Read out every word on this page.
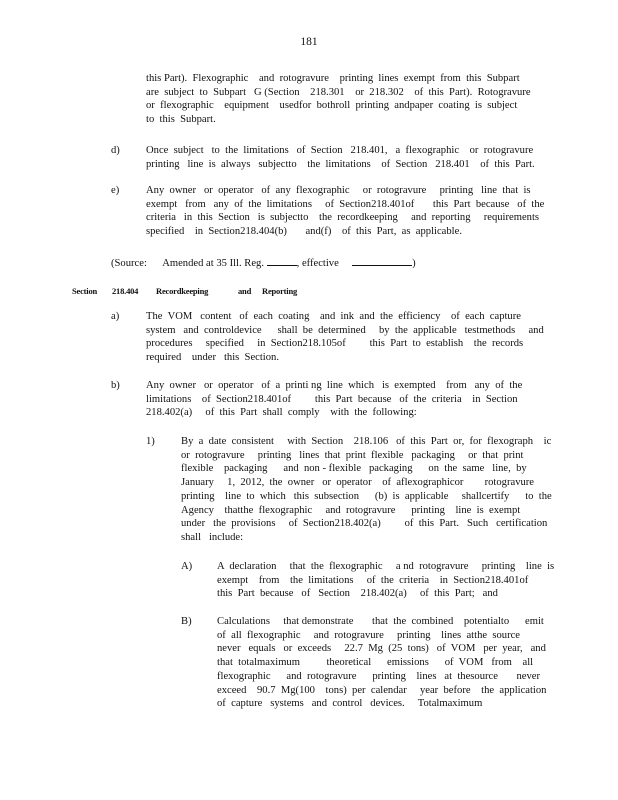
181
this Part).  Flexographic    and  rotogravure    printing  lines  exempt  from  this  Subpart
are  subject  to  Subpart   G (Section    218.301    or  218.302    of  this  Part).  Rotogravure
or  flexographic    equipment    usedfor  bothroll  printing  andpaper  coating  is  subject
to  this  Subpart.
d) Once  subject   to  the  limitations   of  Section   218.401,   a  flexographic    or  rotogravure
printing   line  is  always   subjectto    the  limitations    of  Section   218.401    of  this  Part.
e)	Any  owner   or  operator   of  any  flexographic     or  rotogravure     printing   line  that  is
exempt   from   any  of  the  limitations     of  Section218.401of       this  Part  because   of  the
criteria   in  this  Section   is  subjectto    the  recordkeeping     and  reporting     requirements
specified    in  Section218.404(b)       and(f)    of  this  Part,  as  applicable.
(Source: Amended at 35 Ill. Reg.	, effective	)
Section 218.404 Recordkeeping	and Reporting
a)	The  VOM   content   of  each  coating    and  ink  and  the  efficiency    of  each  capture
system   and  controldevice      shall  be  determined     by  the  applicable   testmethods     and
procedures     specified     in  Section218.105of         this  Part  to  establish    the  records
required    under   this  Section.
b) Any  owner   or  operator   of  a  printi ng  line  which   is  exempted    from   any  of  the
limitations    of  Section218.401of         this  Part  because   of  the  criteria    in  Section
218.402(a)     of  this  Part  shall  comply    with  the  following:
1) By  a  date  consistent     with  Section    218.106   of  this  Part  or,  for  flexograph    ic
or  rotogravure     printing   lines  that  print  flexible   packaging     or  that  print
flexible    packaging      and  non - flexible   packaging      on  the  same   line,  by
January     1,  2012,  the  owner   or  operator    of  aflexographicor        rotogravure
printing    line  to  which   this  subsection      (b)  is  applicable     shallcertify      to  the
Agency    thatthe  flexographic     and  rotogravure      printing    line  is  exempt
under   the  provisions     of  Section218.402(a)         of  this  Part.   Such   certification
shall   include:
A) A  declaration     that  the  flexographic     a nd  rotogravure     printing    line  is
exempt    from    the  limitations     of  the  criteria    in  Section218.401of
this  Part  because   of   Section    218.402(a)     of  this  Part;   and
B) Calculations     that demonstrate       that  the  combined    potentialto      emit
of  all  flexographic     and  rotogravure     printing    lines  atthe  source
never   equals   or  exceeds     22.7  Mg  (25  tons)   of  VOM   per  year,   and
that  totalmaximum          theoretical      emissions      of  VOM   from    all
flexographic      and  rotogravure      printing    lines   at  thesource       never
exceed    90.7  Mg(100    tons)  per  calendar     year  before    the  application
of  capture   systems   and  control   devices.     Totalmaximum
